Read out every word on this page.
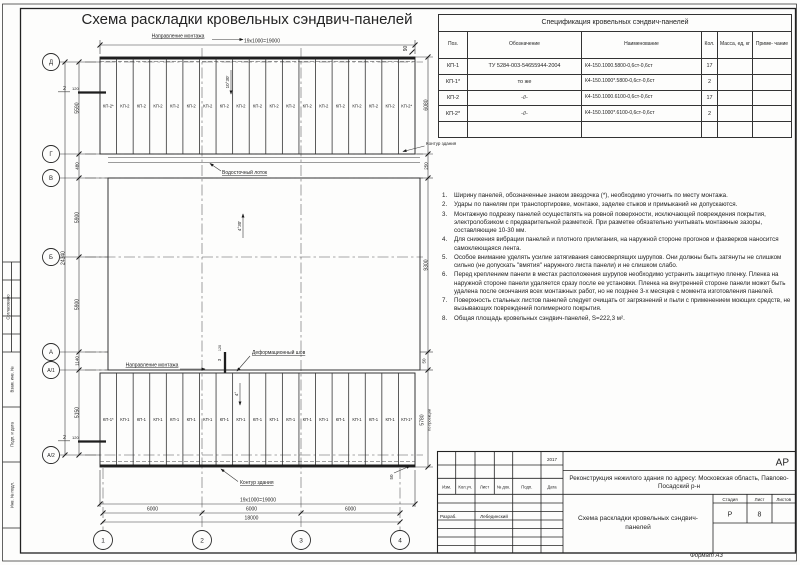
Согласовано
Взам. инв. №
Подп. и дата
Инв. № подл.
Схема раскладки кровельных сэндвич-панелей
КП-2* КП-2 КП-2 КП-2 КП-2 КП-2 КП-2 КП-2 КП-2 КП-2 КП-2 КП-2 КП-2 КП-2 КП-2 КП-2 КП-2 КП-2 КП-2*
КП-1* КП-1 КП-1 КП-1 КП-1 КП-1 КП-1 КП-1 КП-1 КП-1 КП-1 КП-1 КП-1 КП-1 КП-1 КП-1 КП-1 КП-1 КП-1*
19х1000=19000
Направление монтажа
90
5590
480
5900
5900
1140
5150
24340
2 120
2 120
6080
250
9300
50
5780 по проекции
50
19х1000=19000
6000	6000	6000
18000
Д
Г
В
Б
А
А/1
А/2
1	2	3	4
10°30'
4°30'
4°
Водосточный лоток
Деформационный шов
3
120
Направление монтажа
Контур здания
Контур здания
2017
Изм. Кол.уч. Лист № док.	Подп.	Дата
Разраб.	Лебединский
АР
Стадия	Лист	Листов
Р	8
Спецификация кровельных сэндвич-панелей					
Поз.	Обозначение	Наименование	Кол.	Масса, ед, кг	Приме- чание
КП-1	ТУ 5284-003-54655944-2004	К4-150.1000.5800-0,6ст-0,6ст	17		
КП-1*	то же	К4-150.1000*.5800-0,6ст-0,6ст	2		
КП-2	-//-	К4-150.1000.6100-0,6ст-0,6ст	17		
КП-2*	-//-	К4-150.1000*.6100-0,6ст-0,6ст	2		

Ширину панелей, обозначенные знаком звездочка (*), необходимо уточнить по месту монтажа.
Удары по панелям при транспортировке, монтаже, заделке стыков и примыканий не допускаются.
Монтажную подрезку панелей осуществлять на ровной поверхности, исключающей повреждения покрытия, электролобзиком с предварительной разметкой. При разметке обязательно учитывать монтажные зазоры, составляющие 10-30 мм.
Для снижения вибрации панелей и плотного прилегания, на наружной стороне прогонов и фахверков наносится самоклеющаяся лента.
Особое внимание уделять усилие затягивания самосверлящих шурупов. Они должны быть затянуты не слишком сильно (не допускать "вмятия" наружного листа панели) и не слишком слабо.
Перед креплением панели в местах расположения шурупов необходимо устранить защитную пленку. Пленка на наружной стороне панели удаляется сразу после ее установки. Пленка на внутренней стороне панели может быть удалена после окончания всех монтажных работ, но не позднее 3-х месяцев с момента изготовления панелей.
Поверхность стальных листов панелей следует очищать от загрязнений и пыли с применением моющих средств, не вызывающих повреждений полимерного покрытия.
Общая площадь кровельных сэндвич-панелей, S=222,3 м².
Реконструкция нежилого здания по адресу: Московская область, Павлово-Посадский р-н
Схема раскладки кровельных сэндвич-панелей
Формат А3
